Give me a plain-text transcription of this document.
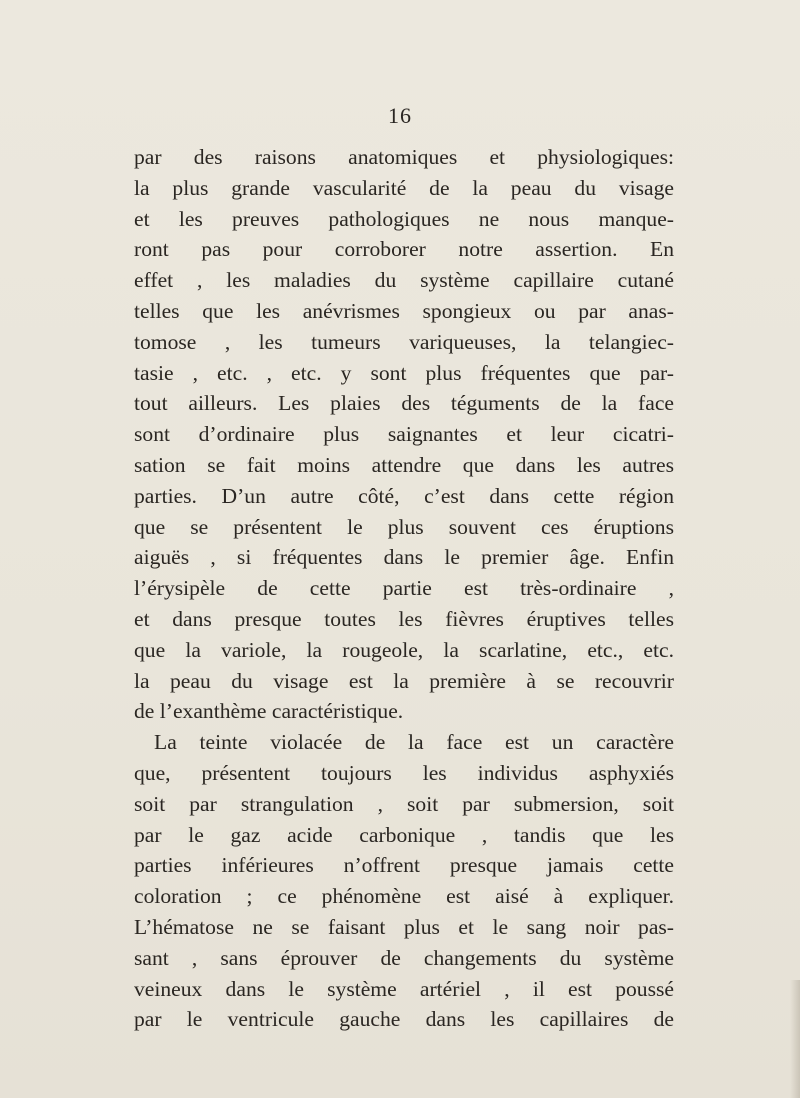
16
par des raisons anatomiques et physiologiques:
la plus grande vascularité de la peau du visage
et les preuves pathologiques ne nous manque-
ront pas pour corroborer notre assertion. En
effet , les maladies du système capillaire cutané
telles que les anévrismes spongieux ou par anas-
tomose , les tumeurs variqueuses, la telangiec-
tasie , etc. , etc. y sont plus fréquentes que par-
tout ailleurs. Les plaies des téguments de la face
sont d’ordinaire plus saignantes et leur cicatri-
sation se fait moins attendre que dans les autres
parties. D’un autre côté, c’est dans cette région
que se présentent le plus souvent ces éruptions
aiguës , si fréquentes dans le premier âge. Enfin
l’érysipèle de cette partie est très-ordinaire ,
et dans presque toutes les fièvres éruptives telles
que la variole, la rougeole, la scarlatine, etc., etc.
la peau du visage est la première à se recouvrir
de l’exanthème caractéristique.
La teinte violacée de la face est un caractère
que, présentent toujours les individus asphyxiés
soit par strangulation , soit par submersion, soit
par le gaz acide carbonique , tandis que les
parties inférieures n’offrent presque jamais cette
coloration ; ce phénomène est aisé à expliquer.
L’hématose ne se faisant plus et le sang noir pas-
sant , sans éprouver de changements du système
veineux dans le système artériel , il est poussé
par le ventricule gauche dans les capillaires de
